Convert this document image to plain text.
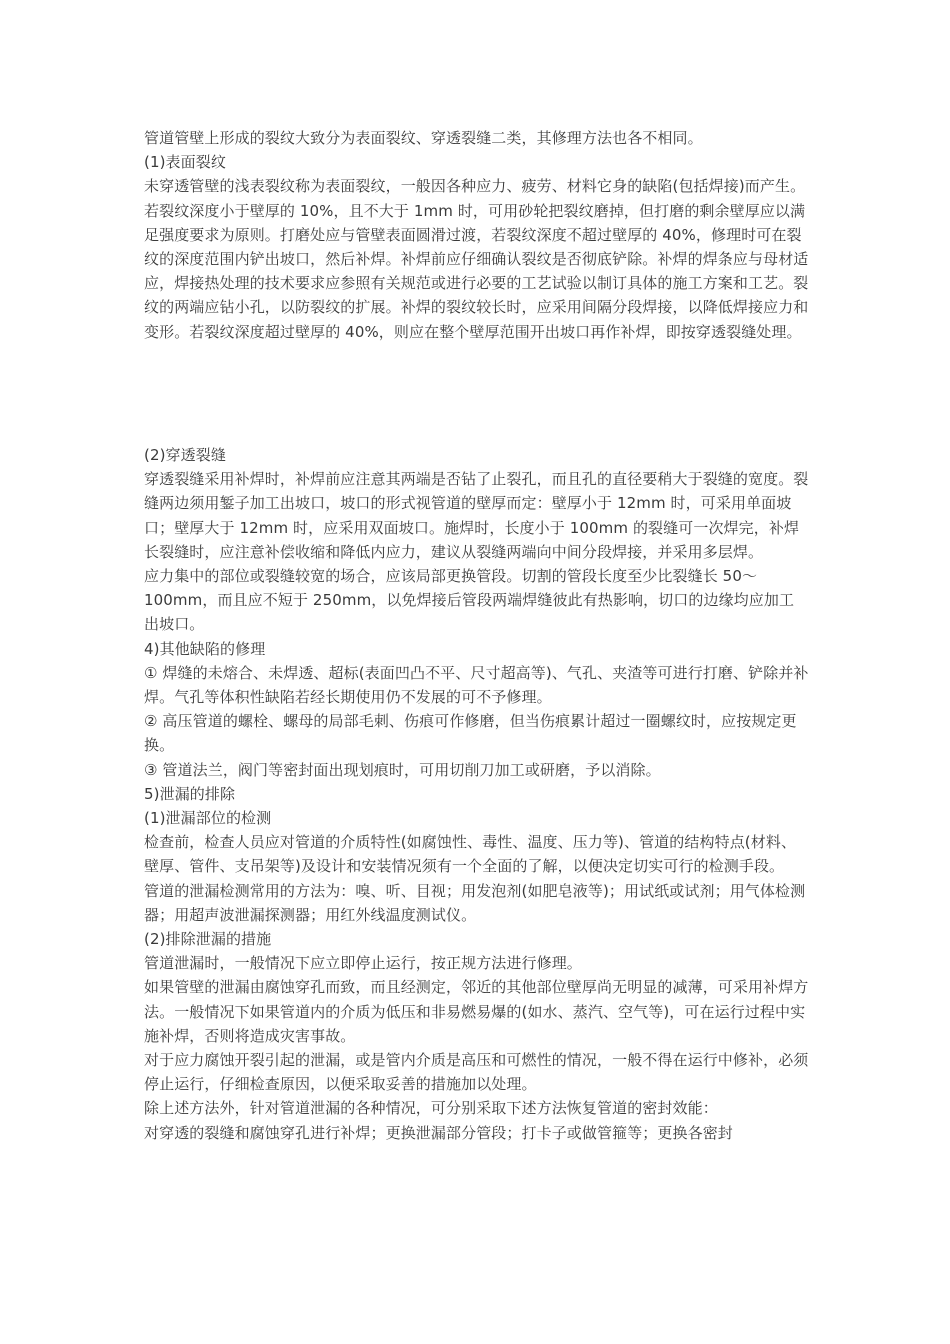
管道管壁上形成的裂纹大致分为表面裂纹、穿透裂缝二类，其修理方法也各不相同。

(1)表面裂纹

未穿透管壁的浅表裂纹称为表面裂纹，一般因各种应力、疲劳、材料它身的缺陷(包括焊接)而产生。若裂纹深度小于壁厚的 10%，且不大于 1mm 时，可用砂轮把裂纹磨掉，但打磨的剩余壁厚应以满足强度要求为原则。打磨处应与管壁表面圆滑过渡，若裂纹深度不超过壁厚的 40%，修理时可在裂纹的深度范围内铲出坡口，然后补焊。补焊前应仔细确认裂纹是否彻底铲除。补焊的焊条应与母材适应，焊接热处理的技术要求应参照有关规范或进行必要的工艺试验以制订具体的施工方案和工艺。裂纹的两端应钻小孔，以防裂纹的扩展。补焊的裂纹较长时，应采用间隔分段焊接，以降低焊接应力和变形。若裂纹深度超过壁厚的 40%，则应在整个壁厚范围开出坡口再作补焊，即按穿透裂缝处理。

(2)穿透裂缝

穿透裂缝采用补焊时，补焊前应注意其两端是否钻了止裂孔，而且孔的直径要稍大于裂缝的宽度。裂缝两边须用錾子加工出坡口，坡口的形式视管道的壁厚而定：壁厚小于 12mm 时，可采用单面坡口；壁厚大于 12mm 时，应采用双面坡口。施焊时，长度小于 100mm 的裂缝可一次焊完，补焊长裂缝时，应注意补偿收缩和降低内应力，建议从裂缝两端向中间分段焊接，并采用多层焊。

应力集中的部位或裂缝较宽的场合，应该局部更换管段。切割的管段长度至少比裂缝长 50～100mm，而且应不短于 250mm，以免焊接后管段两端焊缝彼此有热影响，切口的边缘均应加工出坡口。

4)其他缺陷的修理

① 焊缝的未熔合、未焊透、超标(表面凹凸不平、尺寸超高等)、气孔、夹渣等可进行打磨、铲除并补焊。气孔等体积性缺陷若经长期使用仍不发展的可不予修理。

② 高压管道的螺栓、螺母的局部毛刺、伤痕可作修磨，但当伤痕累计超过一圈螺纹时，应按规定更换。

③ 管道法兰，阀门等密封面出现划痕时，可用切削刀加工或研磨，予以消除。

5)泄漏的排除

(1)泄漏部位的检测

检查前，检查人员应对管道的介质特性(如腐蚀性、毒性、温度、压力等)、管道的结构特点(材料、壁厚、管件、支吊架等)及设计和安装情况须有一个全面的了解，以便决定切实可行的检测手段。

管道的泄漏检测常用的方法为：嗅、听、目视；用发泡剂(如肥皂液等)；用试纸或试剂；用气体检测器；用超声波泄漏探测器；用红外线温度测试仪。

(2)排除泄漏的措施

管道泄漏时，一般情况下应立即停止运行，按正规方法进行修理。

如果管壁的泄漏由腐蚀穿孔而致，而且经测定，邻近的其他部位壁厚尚无明显的减薄，可采用补焊方法。一般情况下如果管道内的介质为低压和非易燃易爆的(如水、蒸汽、空气等)，可在运行过程中实施补焊，否则将造成灾害事故。

对于应力腐蚀开裂引起的泄漏，或是管内介质是高压和可燃性的情况，一般不得在运行中修补，必须停止运行，仔细检查原因，以便采取妥善的措施加以处理。

除上述方法外，针对管道泄漏的各种情况，可分别采取下述方法恢复管道的密封效能：

对穿透的裂缝和腐蚀穿孔进行补焊；更换泄漏部分管段；打卡子或做管箍等；更换各密封
